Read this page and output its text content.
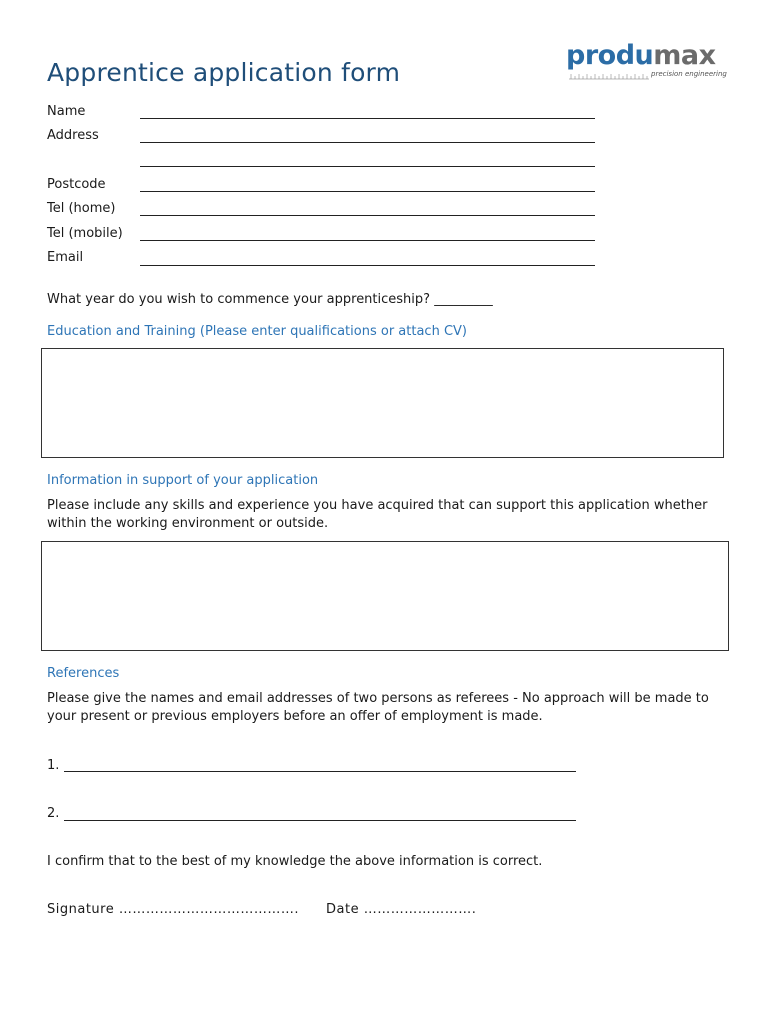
Apprentice application form
produmax
precision engineering
Name
Address
Postcode
Tel (home)
Tel (mobile)
Email
What year do you wish to commence your apprenticeship? _________
Education and Training (Please enter qualifications or attach CV)
Information in support of your application
Please include any skills and experience you have acquired that can support this application whether within the working environment or outside.
References
Please give the names and email addresses of two persons as referees - No approach will be made to your present or previous employers before an offer of employment is made.
1.
2.
I confirm that to the best of my knowledge the above information is correct.
Signature …………………………………. Date …………………….
